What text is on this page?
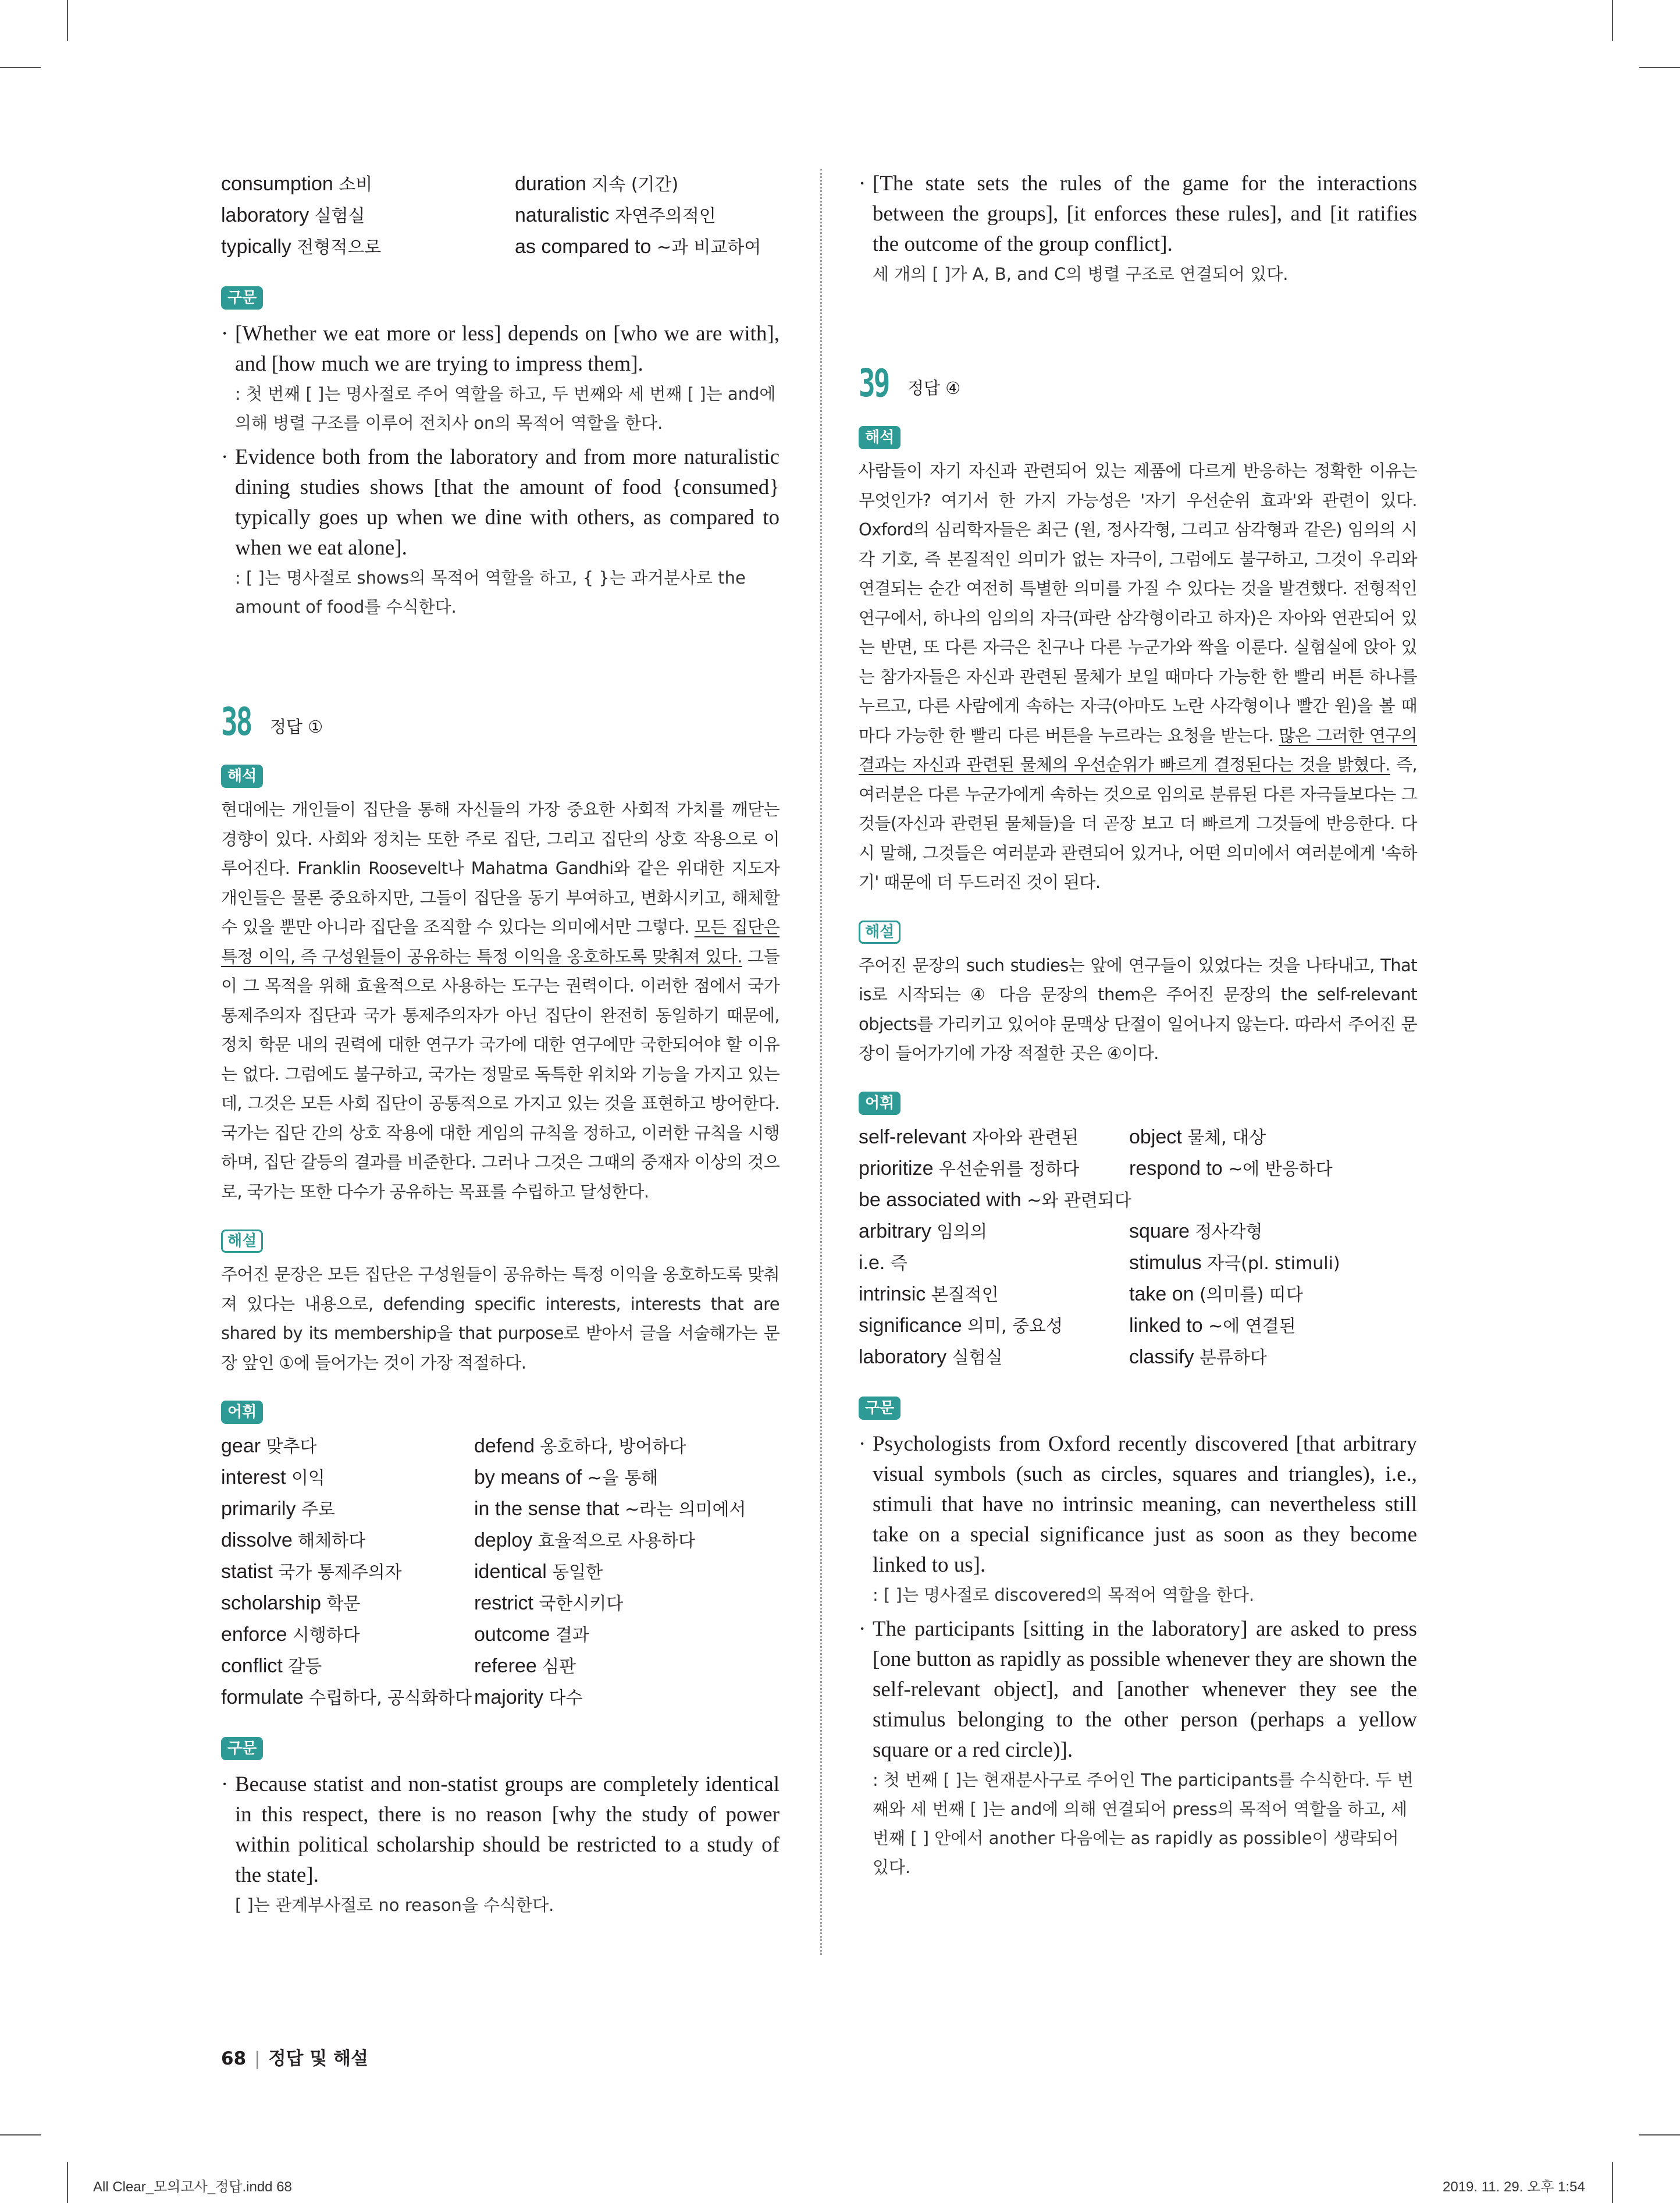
consumption 소비	duration 지속 (기간)
laboratory 실험실	naturalistic 자연주의적인
typically 전형적으로	as compared to ~과 비교하여
구문

· [Whether we eat more or less] depends on [who we are with], and [how much we are trying to impress them].

: 첫 번째 [ ]는 명사절로 주어 역할을 하고, 두 번째와 세 번째 [ ]는 and에 의해 병렬 구조를 이루어 전치사 on의 목적어 역할을 한다.

· Evidence both from the laboratory and from more naturalistic dining studies shows [that the amount of food {consumed} typically goes up when we dine with others, as compared to when we eat alone].

: [ ]는 명사절로 shows의 목적어 역할을 하고, { }는 과거분사로 the amount of food를 수식한다.

38 정답 ①
해석

현대에는 개인들이 집단을 통해 자신들의 가장 중요한 사회적 가치를 깨닫는 경향이 있다. 사회와 정치는 또한 주로 집단, 그리고 집단의 상호 작용으로 이루어진다. Franklin Roosevelt나 Mahatma Gandhi와 같은 위대한 지도자 개인들은 물론 중요하지만, 그들이 집단을 동기 부여하고, 변화시키고, 해체할 수 있을 뿐만 아니라 집단을 조직할 수 있다는 의미에서만 그렇다. 모든 집단은 특정 이익, 즉 구성원들이 공유하는 특정 이익을 옹호하도록 맞춰져 있다. 그들이 그 목적을 위해 효율적으로 사용하는 도구는 권력이다. 이러한 점에서 국가 통제주의자 집단과 국가 통제주의자가 아닌 집단이 완전히 동일하기 때문에, 정치 학문 내의 권력에 대한 연구가 국가에 대한 연구에만 국한되어야 할 이유는 없다. 그럼에도 불구하고, 국가는 정말로 독특한 위치와 기능을 가지고 있는데, 그것은 모든 사회 집단이 공통적으로 가지고 있는 것을 표현하고 방어한다. 국가는 집단 간의 상호 작용에 대한 게임의 규칙을 정하고, 이러한 규칙을 시행하며, 집단 갈등의 결과를 비준한다. 그러나 그것은 그때의 중재자 이상의 것으로, 국가는 또한 다수가 공유하는 목표를 수립하고 달성한다.

해설

주어진 문장은 모든 집단은 구성원들이 공유하는 특정 이익을 옹호하도록 맞춰져 있다는 내용으로, defending specific interests, interests that are shared by its membership을 that purpose로 받아서 글을 서술해가는 문장 앞인 ①에 들어가는 것이 가장 적절하다.

어휘
gear 맞추다	defend 옹호하다, 방어하다
interest 이익	by means of ~을 통해
primarily 주로	in the sense that ~라는 의미에서
dissolve 해체하다	deploy 효율적으로 사용하다
statist 국가 통제주의자	identical 동일한
scholarship 학문	restrict 국한시키다
enforce 시행하다	outcome 결과
conflict 갈등	referee 심판
formulate 수립하다, 공식화하다 majority 다수
구문

· Because statist and non-statist groups are completely identical in this respect, there is no reason [why the study of power within political scholarship should be restricted to a study of the state].

[ ]는 관계부사절로 no reason을 수식한다.

· [The state sets the rules of the game for the interactions between the groups], [it enforces these rules], and [it ratifies the outcome of the group conflict].

세 개의 [ ]가 A, B, and C의 병렬 구조로 연결되어 있다.

39 정답 ④
해석

사람들이 자기 자신과 관련되어 있는 제품에 다르게 반응하는 정확한 이유는 무엇인가? 여기서 한 가지 가능성은 '자기 우선순위 효과'와 관련이 있다. Oxford의 심리학자들은 최근 (원, 정사각형, 그리고 삼각형과 같은) 임의의 시각 기호, 즉 본질적인 의미가 없는 자극이, 그럼에도 불구하고, 그것이 우리와 연결되는 순간 여전히 특별한 의미를 가질 수 있다는 것을 발견했다. 전형적인 연구에서, 하나의 임의의 자극(파란 삼각형이라고 하자)은 자아와 연관되어 있는 반면, 또 다른 자극은 친구나 다른 누군가와 짝을 이룬다. 실험실에 앉아 있는 참가자들은 자신과 관련된 물체가 보일 때마다 가능한 한 빨리 버튼 하나를 누르고, 다른 사람에게 속하는 자극(아마도 노란 사각형이나 빨간 원)을 볼 때마다 가능한 한 빨리 다른 버튼을 누르라는 요청을 받는다. 많은 그러한 연구의 결과는 자신과 관련된 물체의 우선순위가 빠르게 결정된다는 것을 밝혔다. 즉, 여러분은 다른 누군가에게 속하는 것으로 임의로 분류된 다른 자극들보다는 그것들(자신과 관련된 물체들)을 더 곧장 보고 더 빠르게 그것들에 반응한다. 다시 말해, 그것들은 여러분과 관련되어 있거나, 어떤 의미에서 여러분에게 '속하기' 때문에 더 두드러진 것이 된다.

해설

주어진 문장의 such studies는 앞에 연구들이 있었다는 것을 나타내고, That is로 시작되는 ④ 다음 문장의 them은 주어진 문장의 the self-relevant objects를 가리키고 있어야 문맥상 단절이 일어나지 않는다. 따라서 주어진 문장이 들어가기에 가장 적절한 곳은 ④이다.

어휘
self-relevant 자아와 관련된	object 물체, 대상
prioritize 우선순위를 정하다	respond to ~에 반응하다
be associated with ~와 관련되다
arbitrary 임의의	square 정사각형
i.e. 즉	stimulus 자극(pl. stimuli)
intrinsic 본질적인	take on (의미를) 띠다
significance 의미, 중요성	linked to ~에 연결된
laboratory 실험실	classify 분류하다
구문

· Psychologists from Oxford recently discovered [that arbitrary visual symbols (such as circles, squares and triangles), i.e., stimuli that have no intrinsic meaning, can nevertheless still take on a special significance just as soon as they become linked to us].

: [ ]는 명사절로 discovered의 목적어 역할을 한다.

· The participants [sitting in the laboratory] are asked to press [one button as rapidly as possible whenever they are shown the self-relevant object], and [another whenever they see the stimulus belonging to the other person (perhaps a yellow square or a red circle)].

: 첫 번째 [ ]는 현재분사구로 주어인 The participants를 수식한다. 두 번째와 세 번째 [ ]는 and에 의해 연결되어 press의 목적어 역할을 하고, 세 번째 [ ] 안에서 another 다음에는 as rapidly as possible이 생략되어 있다.

68 | 정답 및 해설
All Clear_모의고사_정답.indd 68	2019. 11. 29. 오후 1:54
